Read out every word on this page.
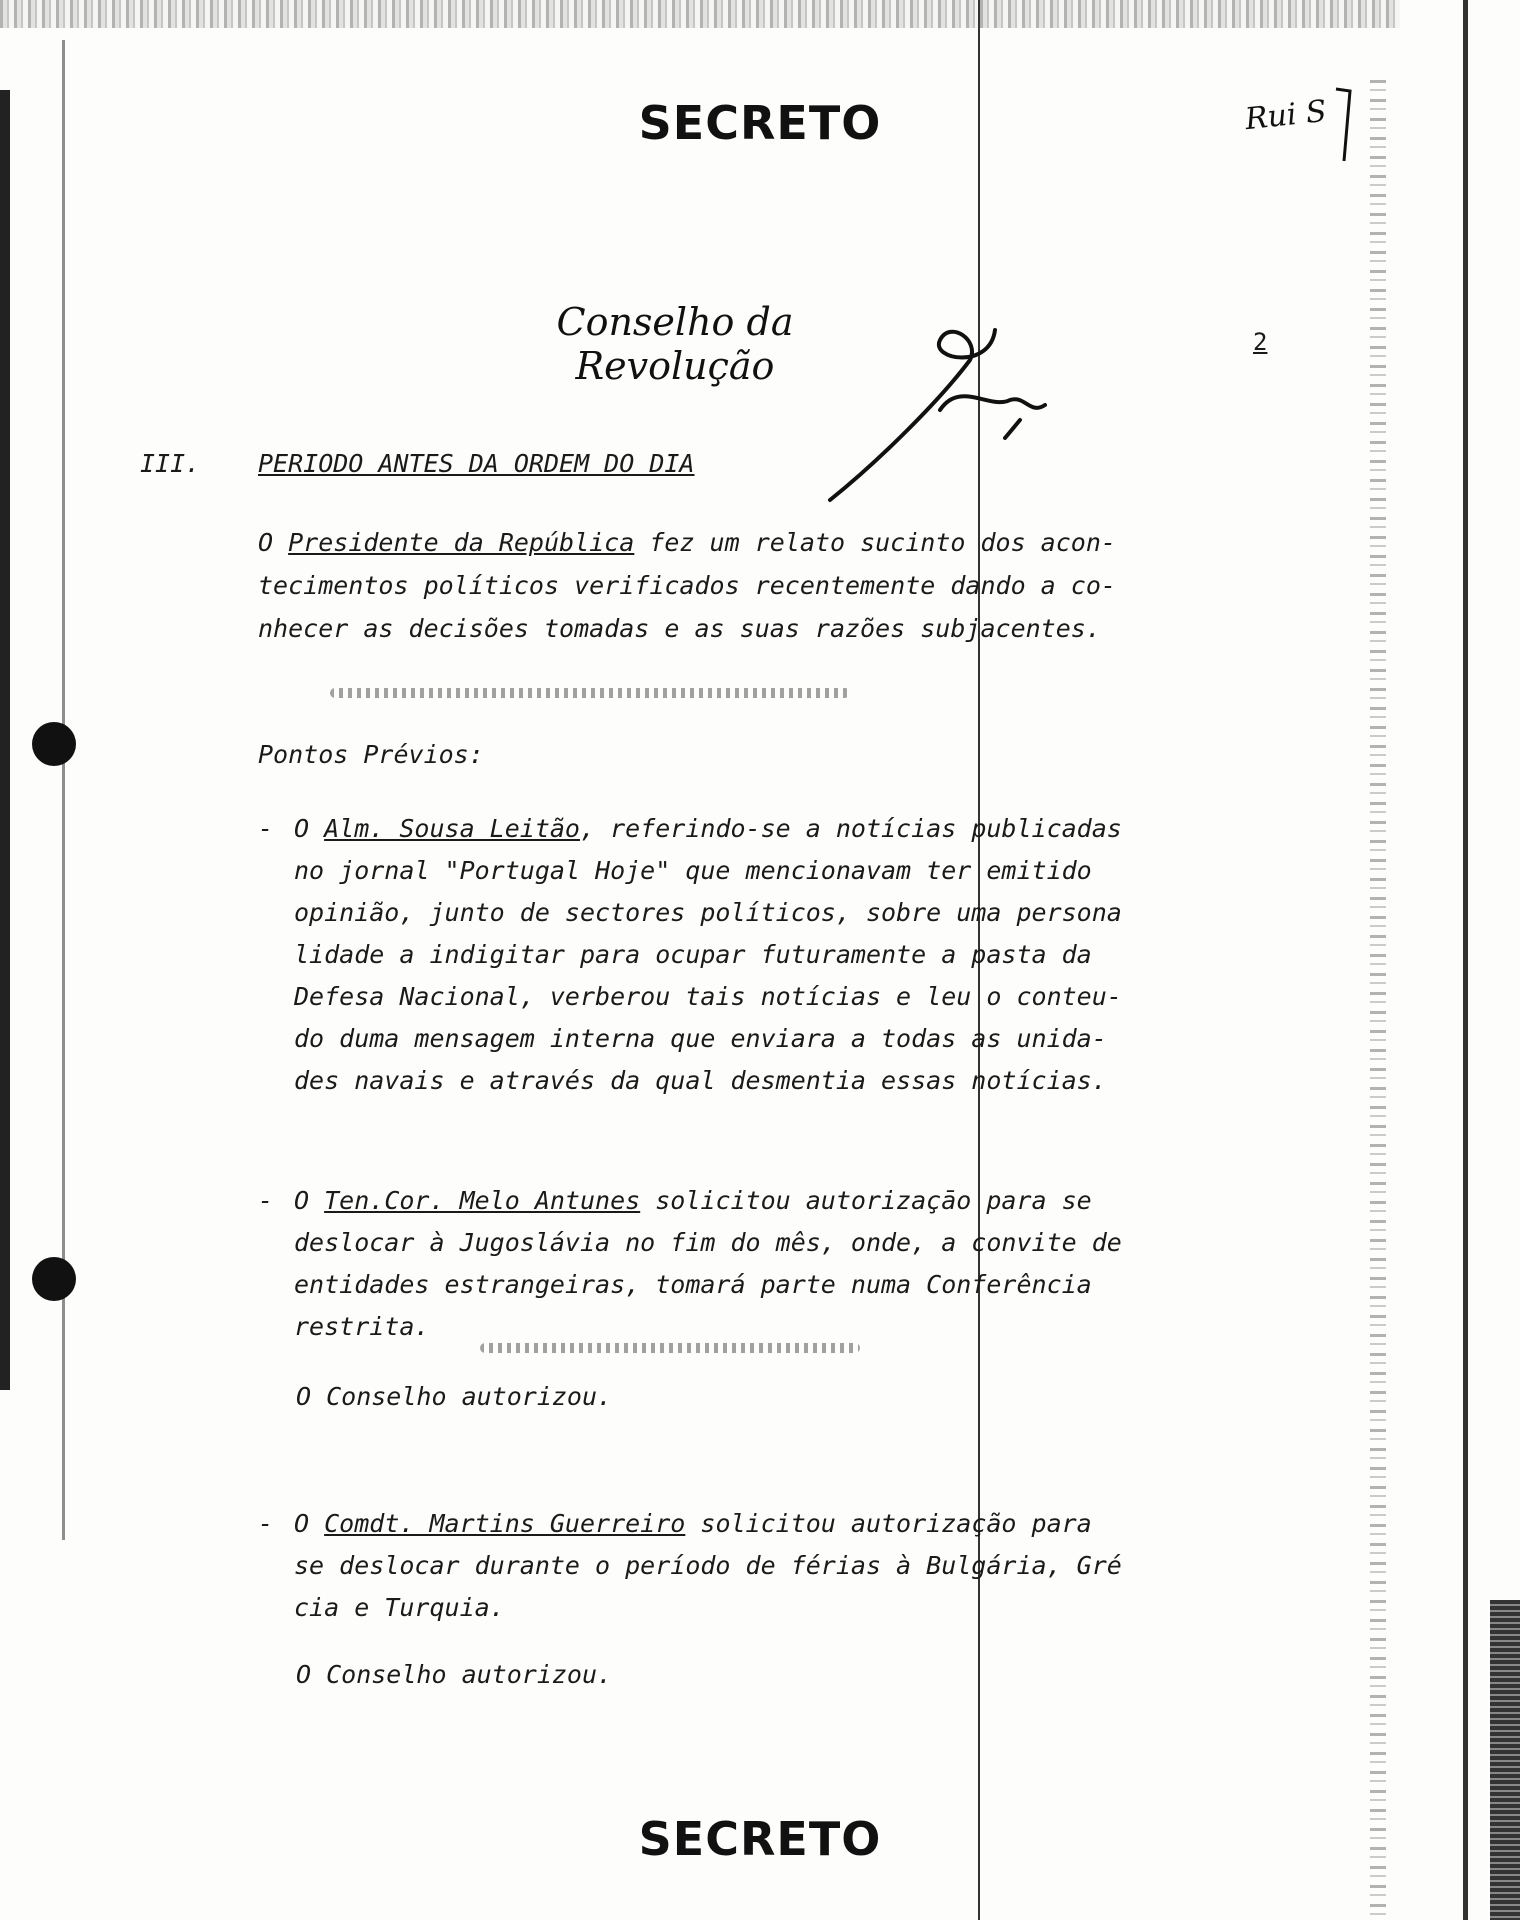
SECRETO	Rui S
Conselho da Revolução
2
III. PERIODO ANTES DA ORDEM DO DIA
O Presidente da República fez um relato sucinto dos acon-
tecimentos políticos verificados recentemente dando a co-
nhecer as decisões tomadas e as suas razões subjacentes.
Pontos Prévios:
- O Alm. Sousa Leitão, referindo-se a notícias publicadas
no jornal "Portugal Hoje" que mencionavam ter emitido
opinião, junto de sectores políticos, sobre uma persona
lidade a indigitar para ocupar futuramente a pasta da
Defesa Nacional, verberou tais notícias e leu o conteu-
do duma mensagem interna que enviara a todas as unida-
des navais e através da qual desmentia essas notícias.
- O Ten.Cor. Melo Antunes solicitou autorizaçāo para se
deslocar à Jugoslávia no fim do mês, onde, a convite de
entidades estrangeiras, tomará parte numa Conferência
restrita.
O Conselho autorizou.
- O Comdt. Martins Guerreiro solicitou autorização para
se deslocar durante o período de férias à Bulgária, Gré
cia e Turquia.
O Conselho autorizou.
SECRETO
